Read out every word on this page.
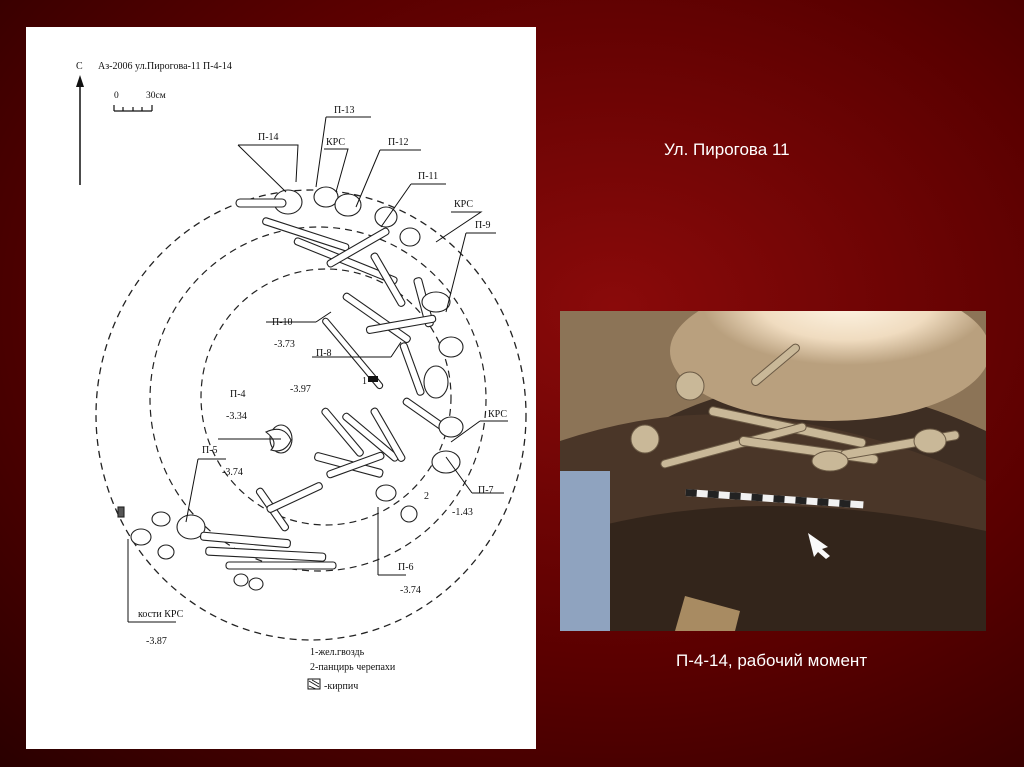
С Аз-2006 ул.Пирогова-11 П-4-14
0	30см
П-14
П-13
КРС	П-12
П-11
КРС
П-9
П-10
-3.73
П-8
-3.97
1
П-4
-3.34	КРС
П-5
-3.74
П-7
-1.43
2
П-6
-3.74
кости КРС
-3.87
1-жел.гвоздь
2-панцирь черепахи
-кирпич
Ул. Пирогова 11
П-4-14, рабочий момент
